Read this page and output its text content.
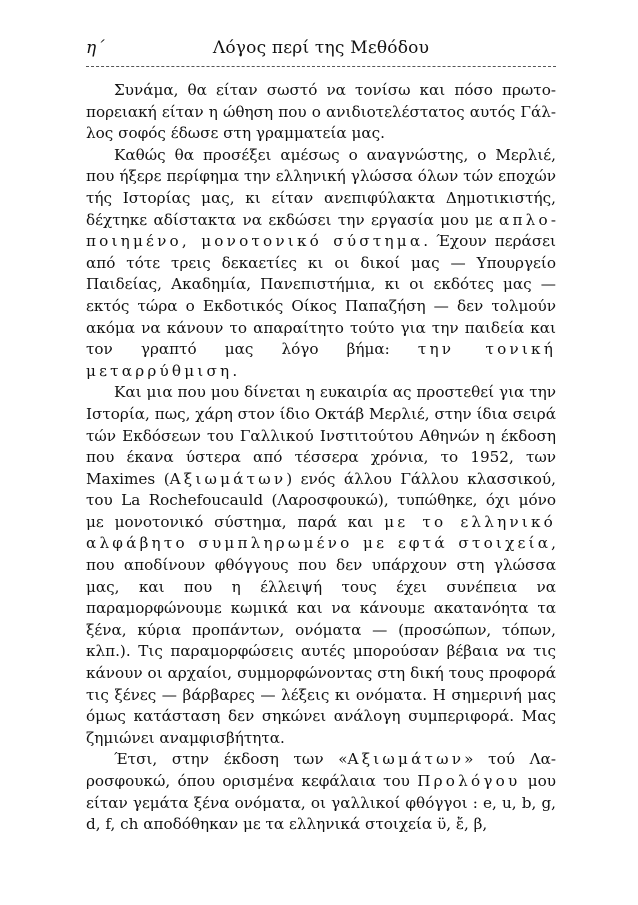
η΄	Λόγος περί της Μεθόδου

Συνάμα, θα είταν σωστό να τονίσω και πόσο πρωτοπορειακή είταν η ώθηση που ο ανιδιοτελέστατος αυτός Γάλλος σοφός έδωσε στη γραμματεία μας.

Καθώς θα προσέξει αμέσως ο αναγνώστης, ο Μερλιέ, που ήξερε περίφημα την ελληνική γλώσσα όλων τών εποχών τής Ιστορίας μας, κι είταν ανεπιφύλακτα Δημοτικιστής, δέχτηκε αδίστακτα να εκδώσει την εργασία μου με απλοποιημένο, μονοτονικό σύστημα. Έχουν περάσει από τότε τρεις δεκαετίες κι οι δικοί μας — Υπουργείο Παιδείας, Ακαδημία, Πανεπιστήμια, κι οι εκδότες μας — εκτός τώρα ο Εκδοτικός Οίκος Παπαζήση — δεν τολμούν ακόμα να κάνουν το απαραίτητο τούτο για την παιδεία και τον γραπτό μας λόγο βήμα: την τονική μεταρρύθμιση.

Και μια που μου δίνεται η ευκαιρία ας προστεθεί για την Ιστορία, πως, χάρη στον ίδιο Οκτάβ Μερλιέ, στην ίδια σειρά τών Εκδόσεων του Γαλλικού Ινστιτούτου Αθηνών η έκδοση που έκανα ύστερα από τέσσερα χρόνια, το 1952, των Maximes (Αξιωμάτων) ενός άλλου Γάλλου κλασσικού, του La Rochefoucauld (Λαροσφουκώ), τυπώθηκε, όχι μόνο με μονοτονικό σύστημα, παρά και με το ελληνικό αλφάβητο συμπληρωμένο με εφτά στοιχεία, που αποδίνουν φθόγγους που δεν υπάρχουν στη γλώσσα μας, και που η έλλειψή τους έχει συνέπεια να παραμορφώνουμε κωμικά και να κάνουμε ακατανόητα τα ξένα, κύρια προπάντων, ονόματα — (προσώπων, τόπων, κλπ.). Τις παραμορφώσεις αυτές μπορούσαν βέβαια να τις κάνουν οι αρχαίοι, συμμορφώνοντας στη δική τους προφορά τις ξένες — βάρβαρες — λέξεις κι ονόματα. Η σημερινή μας όμως κατάσταση δεν σηκώνει ανάλογη συμπεριφορά. Μας ζημιώνει αναμφισβήτητα.

Έτσι, στην έκδοση των «Αξιωμάτων» τού Λαροσφουκώ, όπου ορισμένα κεφάλαια του Προλόγου μου είταν γεμάτα ξένα ονόματα, οι γαλλικοί φθόγγοι : e, u, b, g, d, f, ch αποδόθηκαν με τα ελληνικά στοιχεία ϋ, ἔ, β,
